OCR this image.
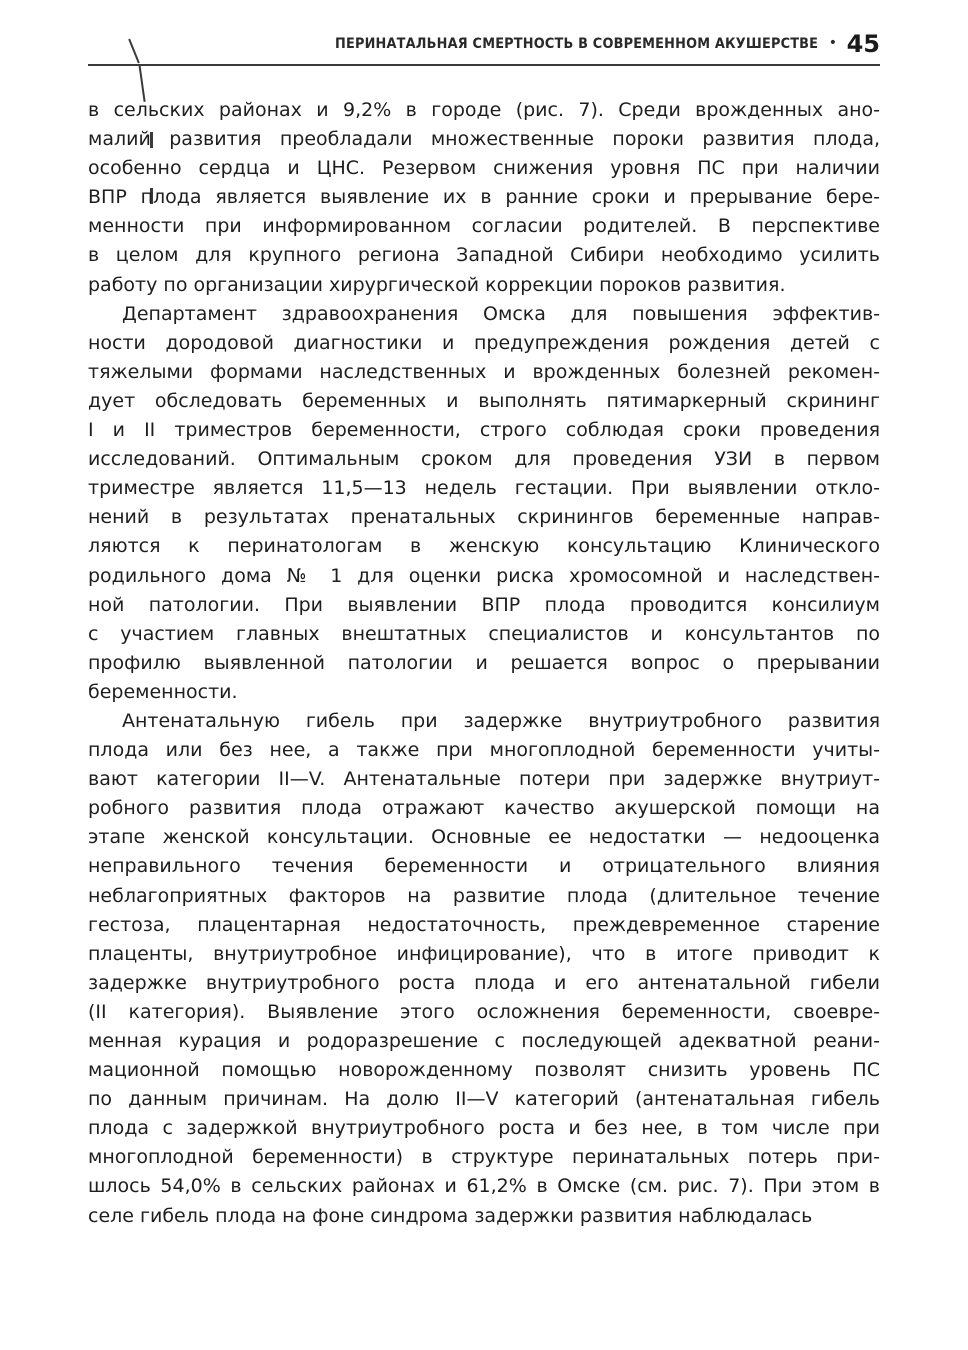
ПЕРИНАТАЛЬНАЯ СМЕРТНОСТЬ В СОВРЕМЕННОМ АКУШЕРСТВЕ • 45
в сельских районах и 9,2% в городе (рис. 7). Среди врожденных ано-
малий развития преобладали множественные пороки развития плода,
особенно сердца и ЦНС. Резервом снижения уровня ПС при наличии
ВПР плода является выявление их в ранние сроки и прерывание бере-
менности при информированном согласии родителей. В перспективе
в целом для крупного региона Западной Сибири необходимо усилить
работу по организации хирургической коррекции пороков развития.
Департамент здравоохранения Омска для повышения эффектив-
ности дородовой диагностики и предупреждения рождения детей с
тяжелыми формами наследственных и врожденных болезней рекомен-
дует обследовать беременных и выполнять пятимаркерный скрининг
I и II триместров беременности, строго соблюдая сроки проведения
исследований. Оптимальным сроком для проведения УЗИ в первом
триместре является 11,5—13 недель гестации. При выявлении откло-
нений в результатах пренатальных скринингов беременные направ-
ляются к перинатологам в женскую консультацию Клинического
родильного дома № 1 для оценки риска хромосомной и наследствен-
ной патологии. При выявлении ВПР плода проводится консилиум
с участием главных внештатных специалистов и консультантов по
профилю выявленной патологии и решается вопрос о прерывании
беременности.
Антенатальную гибель при задержке внутриутробного развития
плода или без нее, а также при многоплодной беременности учиты-
вают категории II—V. Антенатальные потери при задержке внутриут-
робного развития плода отражают качество акушерской помощи на
этапе женской консультации. Основные ее недостатки — недооценка
неправильного течения беременности и отрицательного влияния
неблагоприятных факторов на развитие плода (длительное течение
гестоза, плацентарная недостаточность, преждевременное старение
плаценты, внутриутробное инфицирование), что в итоге приводит к
задержке внутриутробного роста плода и его антенатальной гибели
(II категория). Выявление этого осложнения беременности, своевре-
менная курация и родоразрешение с последующей адекватной реани-
мационной помощью новорожденному позволят снизить уровень ПС
по данным причинам. На долю II—V категорий (антенатальная гибель
плода с задержкой внутриутробного роста и без нее, в том числе при
многоплодной беременности) в структуре перинатальных потерь при-
шлось 54,0% в сельских районах и 61,2% в Омске (см. рис. 7). При этом в
селе гибель плода на фоне синдрома задержки развития наблюдалась
